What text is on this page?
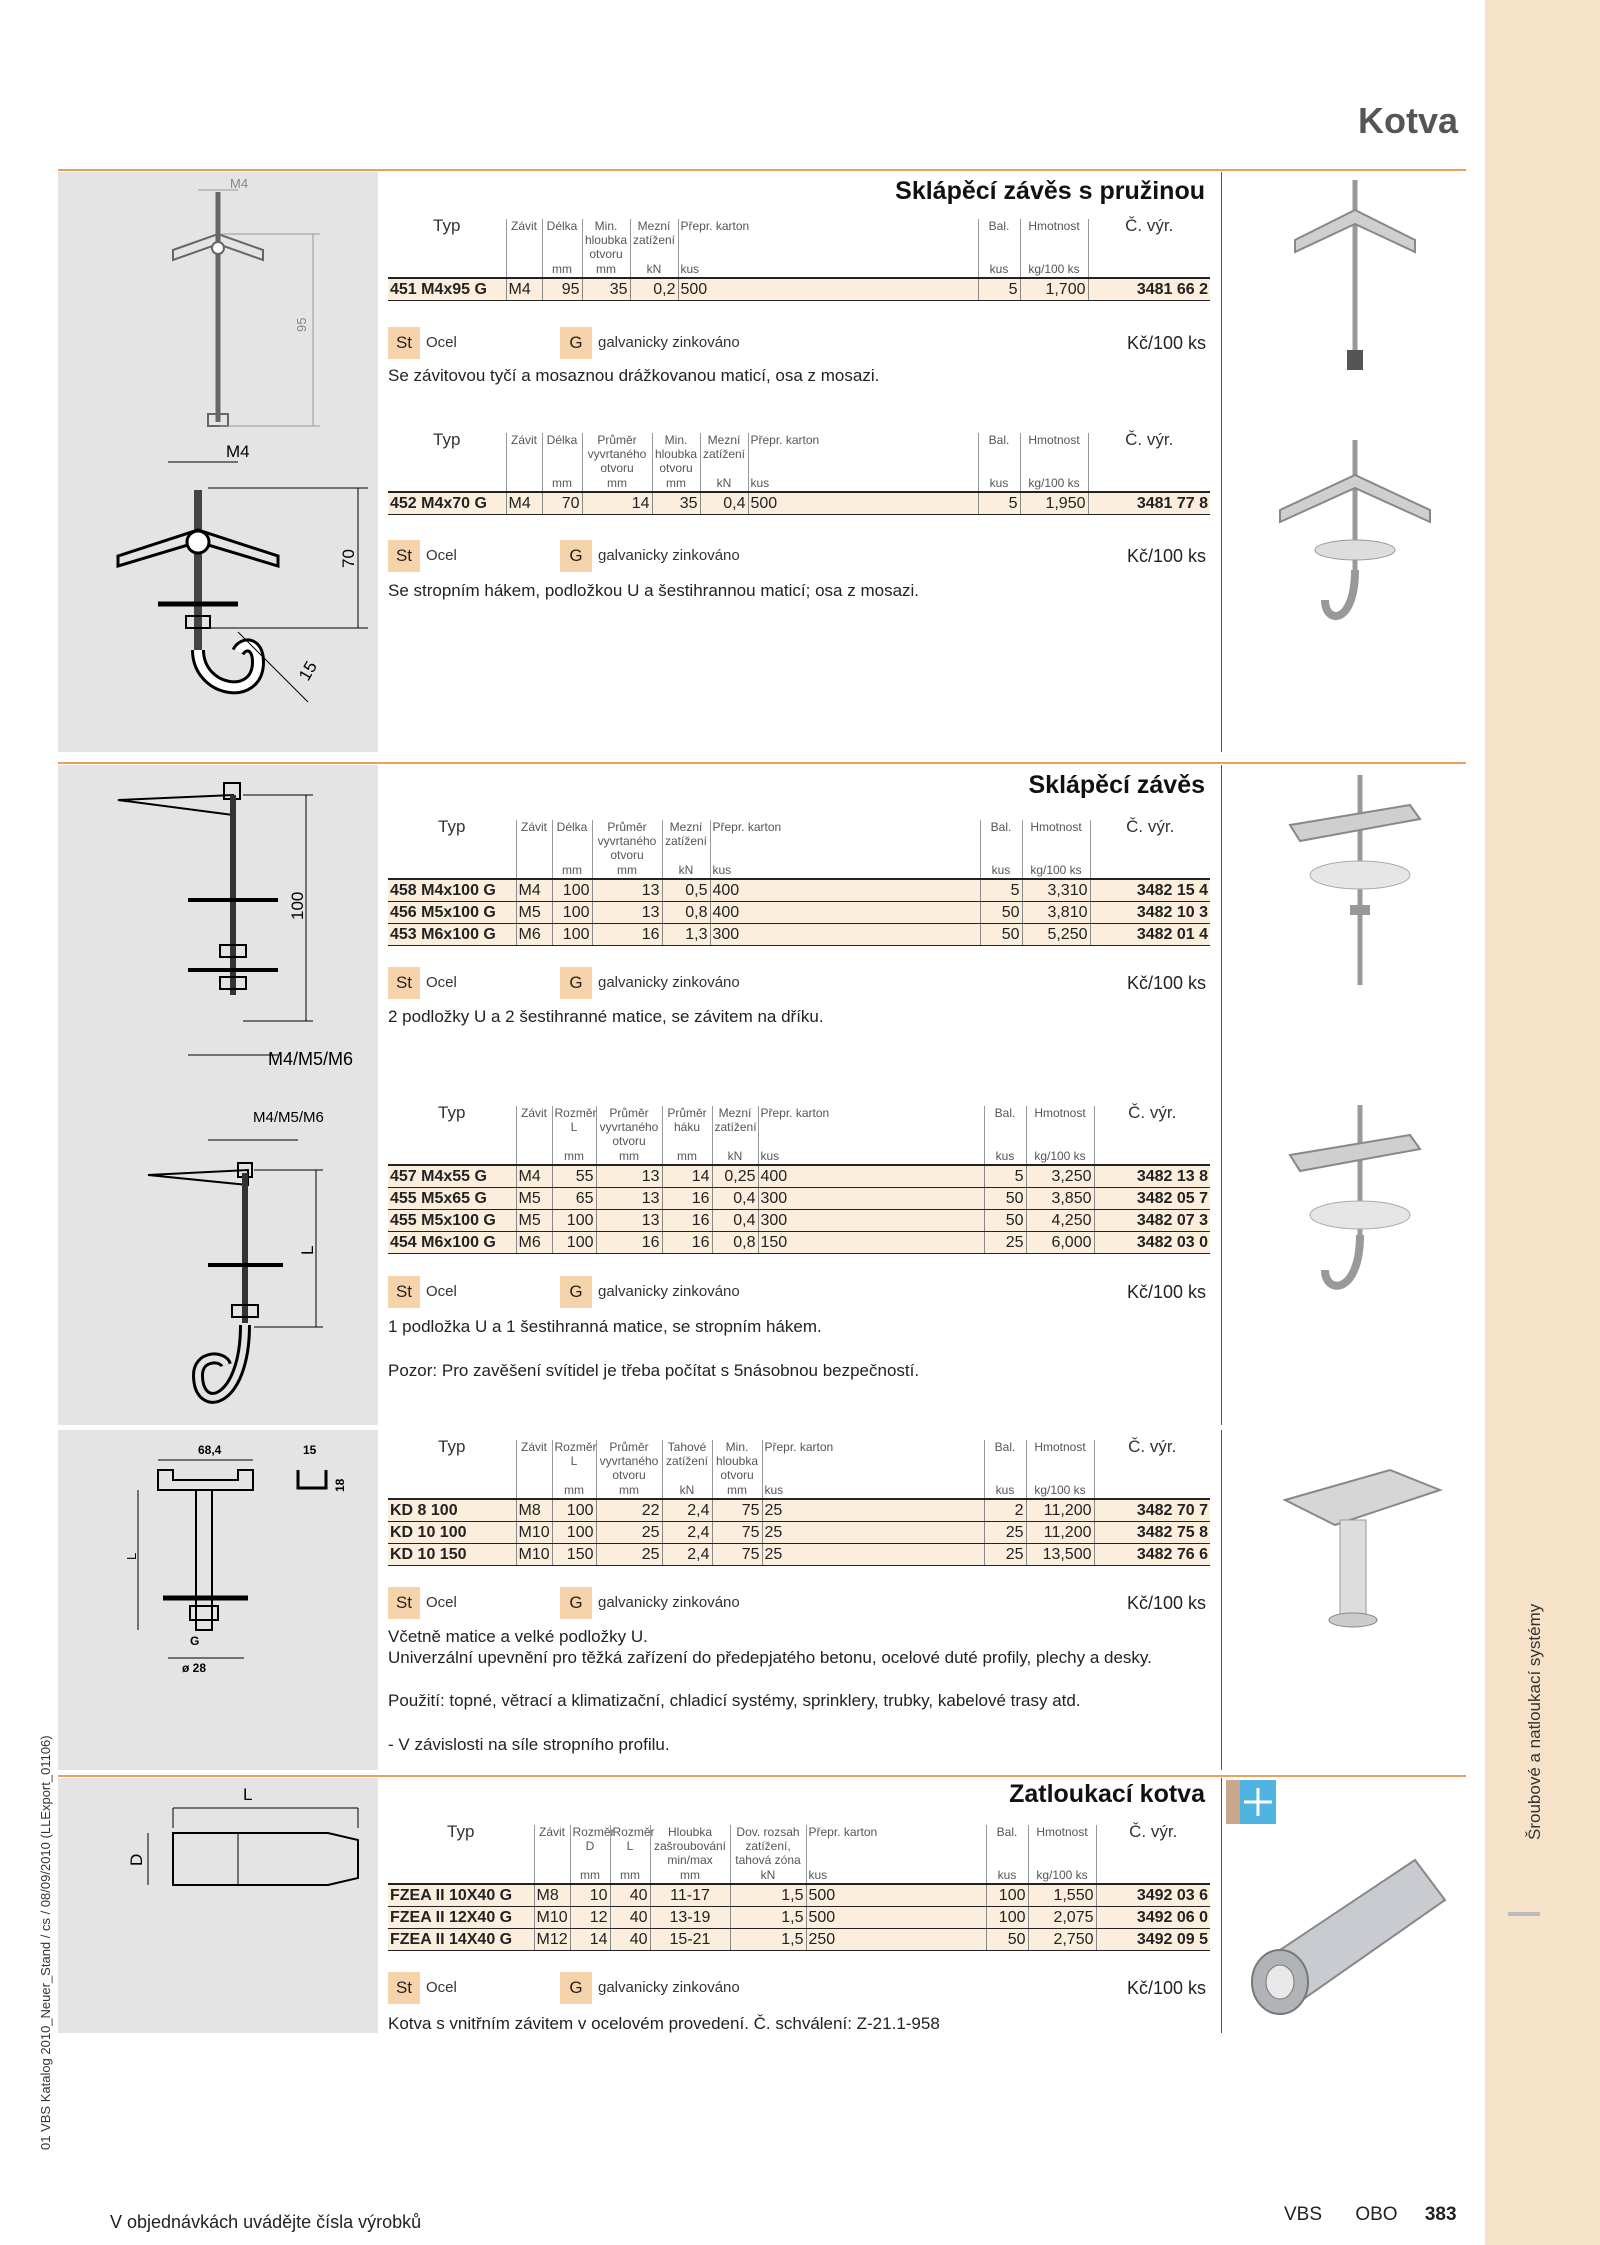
Šroubové a natloukací systémy
01 VBS Katalog 2010_Neuer_Stand / cs / 08/09/2010 (LLExport_01106)
Kotva
M4
95
M4
70
15
Sklápěcí závěs s pružinou
Typ	Závit	Délka	Min. hloubka otvoru	Mezní zatížení	Přepr. karton	Bal.	Hmotnost	Č. výr.
		mm	mm	kN	kus	kus	kg/100 ks	
451 M4x95 G	M4	95	35	0,2	500	5	1,700	3481 66 2
St Ocel	G	galvanicky zinkováno	Kč/100 ks
Se závitovou tyčí a mosaznou drážkovanou maticí, osa z mosazi.
Typ	Závit	Délka	Průměr vyvrtaného otvoru	Min. hloubka otvoru	Mezní zatížení	Přepr. karton	Bal.	Hmotnost	Č. výr.
		mm	mm	mm	kN	kus	kus	kg/100 ks	
452 M4x70 G	M4	70	14	35	0,4	500	5	1,950	3481 77 8
St Ocel	G	galvanicky zinkováno	Kč/100 ks
Se stropním hákem, podložkou U a šestihrannou maticí; osa z mosazi.
100
M4/M5/M6
M4/M5/M6
L
Sklápěcí závěs
Typ	Závit	Délka	Průměr vyvrtaného otvoru	Mezní zatížení	Přepr. karton	Bal.	Hmotnost	Č. výr.
		mm	mm	kN	kus	kus	kg/100 ks	
458 M4x100 G	M4	100	13	0,5	400	5	3,310	3482 15 4
456 M5x100 G	M5	100	13	0,8	400	50	3,810	3482 10 3
453 M6x100 G	M6	100	16	1,3	300	50	5,250	3482 01 4
St Ocel	G	galvanicky zinkováno	Kč/100 ks
2 podložky U a 2 šestihranné matice, se závitem na dříku.
Typ	Závit	Rozměr L	Průměr vyvrtaného otvoru	Průměr háku	Mezní zatížení	Přepr. karton	Bal.	Hmotnost	Č. výr.
		mm	mm	mm	kN	kus	kus	kg/100 ks	
457 M4x55 G	M4	55	13	14	0,25	400	5	3,250	3482 13 8
455 M5x65 G	M5	65	13	16	0,4	300	50	3,850	3482 05 7
455 M5x100 G	M5	100	13	16	0,4	300	50	4,250	3482 07 3
454 M6x100 G	M6	100	16	16	0,8	150	25	6,000	3482 03 0
St Ocel	G	galvanicky zinkováno	Kč/100 ks
1 podložka U a 1 šestihranná matice, se stropním hákem.
Pozor: Pro zavěšení svítidel je třeba počítat s 5násobnou bezpečností.
68,4	15
18
L
G
ø 28
Typ	Závit	Rozměr L	Průměr vyvrtaného otvoru	Tahové zatížení	Min. hloubka otvoru	Přepr. karton	Bal.	Hmotnost	Č. výr.
		mm	mm	kN	mm	kus	kus	kg/100 ks	
KD 8 100	M8	100	22	2,4	75	25	2	11,200	3482 70 7
KD 10 100	M10	100	25	2,4	75	25	25	11,200	3482 75 8
KD 10 150	M10	150	25	2,4	75	25	25	13,500	3482 76 6
St Ocel	G	galvanicky zinkováno	Kč/100 ks
Včetně matice a velké podložky U.
Univerzální upevnění pro těžká zařízení do předepjatého betonu, ocelové duté profily, plechy a desky.
Použití: topné, větrací a klimatizační, chladicí systémy, sprinklery, trubky, kabelové trasy atd.
- V závislosti na síle stropního profilu.
L
D
Zatloukací kotva
Typ	Závit	Rozměr D	Rozměr L	Hloubka zašroubování min/max	Dov. rozsah zatížení, tahová zóna	Přepr. karton	Bal.	Hmotnost	Č. výr.
		mm	mm	mm	kN	kus	kus	kg/100 ks	
FZEA II 10X40 G	M8	10	40	11-17	1,5	500	100	1,550	3492 03 6
FZEA II 12X40 G	M10	12	40	13-19	1,5	500	100	2,075	3492 06 0
FZEA II 14X40 G	M12	14	40	15-21	1,5	250	50	2,750	3492 09 5
St Ocel	G	galvanicky zinkováno	Kč/100 ks
Kotva s vnitřním závitem v ocelovém provedení. Č. schválení: Z-21.1-958
V objednávkách uvádějte čísla výrobků	VBS OBO 383
